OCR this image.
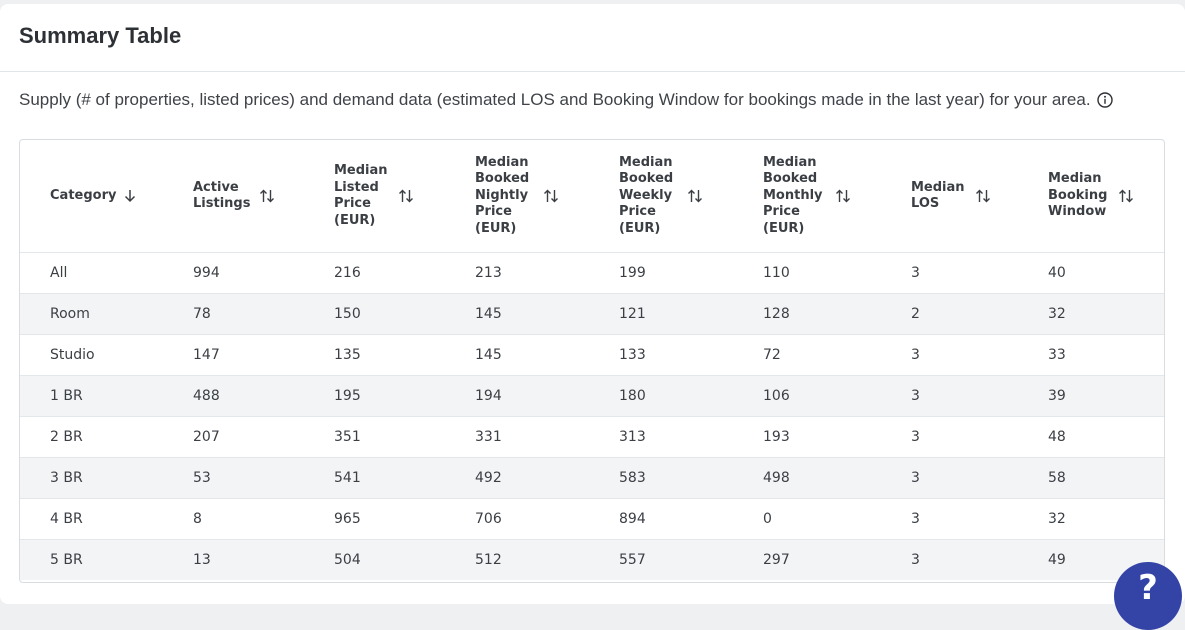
Summary Table
Supply (# of properties, listed prices) and demand data (estimated LOS and Booking Window for bookings made in the last year) for your area.
Category	Active Listings	Median Listed Price (EUR)	Median Booked Nightly Price (EUR)	Median Booked Weekly Price (EUR)	Median Booked Monthly Price (EUR)	Median LOS	Median Booking Window

All	994	216	213	199	110	3	40
Room	78	150	145	121	128	2	32
Studio	147	135	145	133	72	3	33
1 BR	488	195	194	180	106	3	39
2 BR	207	351	331	313	193	3	48
3 BR	53	541	492	583	498	3	58
4 BR	8	965	706	894	0	3	32
5 BR	13	504	512	557	297	3	49
?
